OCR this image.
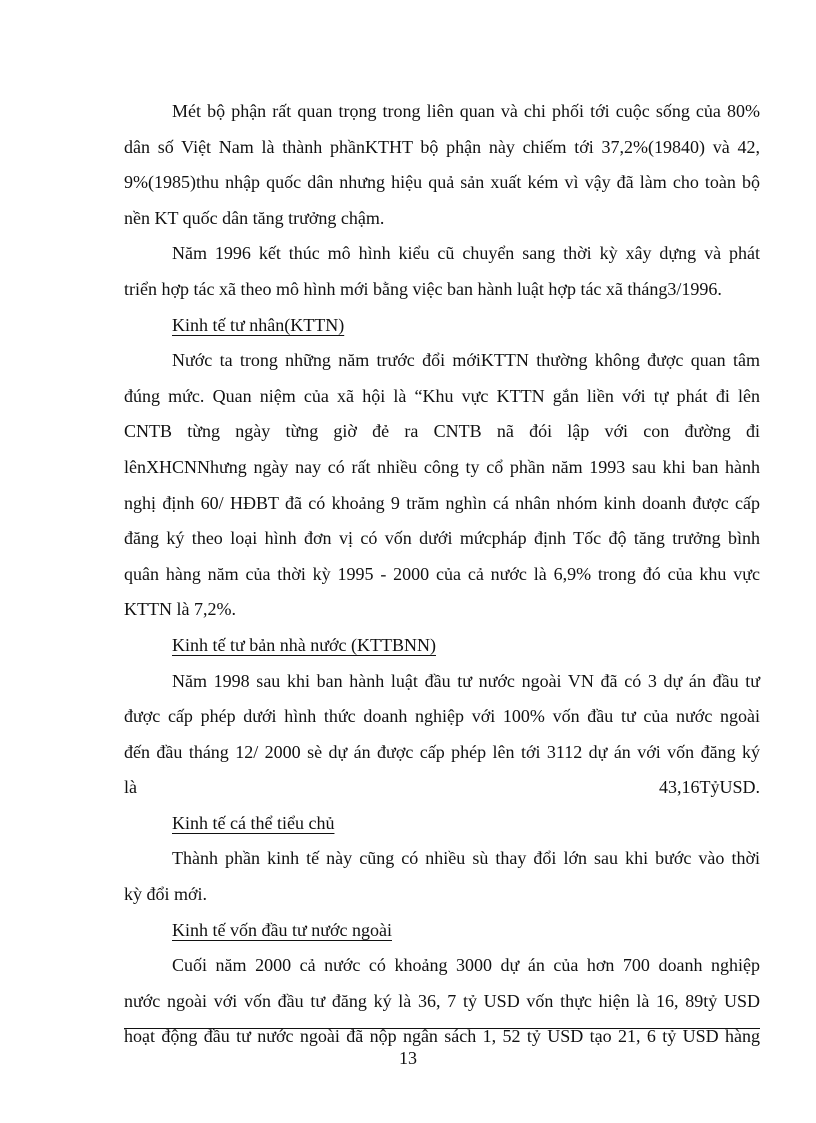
Mét bộ phận rất quan trọng trong liên quan và chi phối tới cuộc sống của 80%
dân số Việt Nam là thành phầnKTHT bộ phận này chiếm tới 37,2%(19840) và 42,
9%(1985)thu nhập quốc dân nhưng hiệu quả sản xuất kém vì vậy đã làm cho toàn bộ
nền KT quốc dân tăng trưởng chậm.
Năm 1996 kết thúc mô hình kiểu cũ chuyển sang thời kỳ xây dựng và phát
triển hợp tác xã theo mô hình mới bằng việc ban hành luật hợp tác xã tháng3/1996.
Kinh tế tư nhân(KTTN)
Nước ta trong những năm trước đổi mớiKTTN thường không được quan tâm
đúng mức. Quan niệm của xã hội là “Khu vực KTTN gắn liền với tự phát đi lên
CNTB từng ngày từng giờ đẻ ra CNTB nã đói lập với con đường đi
lênXHCNNhưng ngày nay có rất nhiều công ty cổ phần năm 1993 sau khi ban hành
nghị định 60/ HĐBT đã có khoảng 9 trăm nghìn cá nhân nhóm kinh doanh được cấp
đăng ký theo loại hình đơn vị có vốn dưới mứcpháp định Tốc độ tăng trưởng bình
quân hàng năm của thời kỳ 1995 - 2000 của cả nước là 6,9% trong đó của khu vực
KTTN là 7,2%.
Kinh tế tư bản nhà nước (KTTBNN)
Năm 1998 sau khi ban hành luật đầu tư nước ngoài VN đã có 3 dự án đầu tư
được cấp phép dưới hình thức doanh nghiệp với 100% vốn đầu tư của nước ngoài
đến đầu tháng 12/ 2000 sè dự án được cấp phép lên tới 3112 dự án với vốn đăng ký
là	43,16TỷUSD.
Kinh tế cá thể tiểu chủ
Thành phần kinh tế này cũng có nhiều sù thay đổi lớn sau khi bước vào thời
kỳ đổi mới.
Kinh tế vốn đầu tư nước ngoài
Cuối năm 2000 cả nước có khoảng 3000 dự án của hơn 700 doanh nghiệp
nước ngoài với vốn đầu tư đăng ký là 36, 7 tỷ USD vốn thực hiện là 16, 89tỷ USD
hoạt động đầu tư nước ngoài đã nộp ngân sách 1, 52 tỷ USD tạo 21, 6 tỷ USD hàng
13
